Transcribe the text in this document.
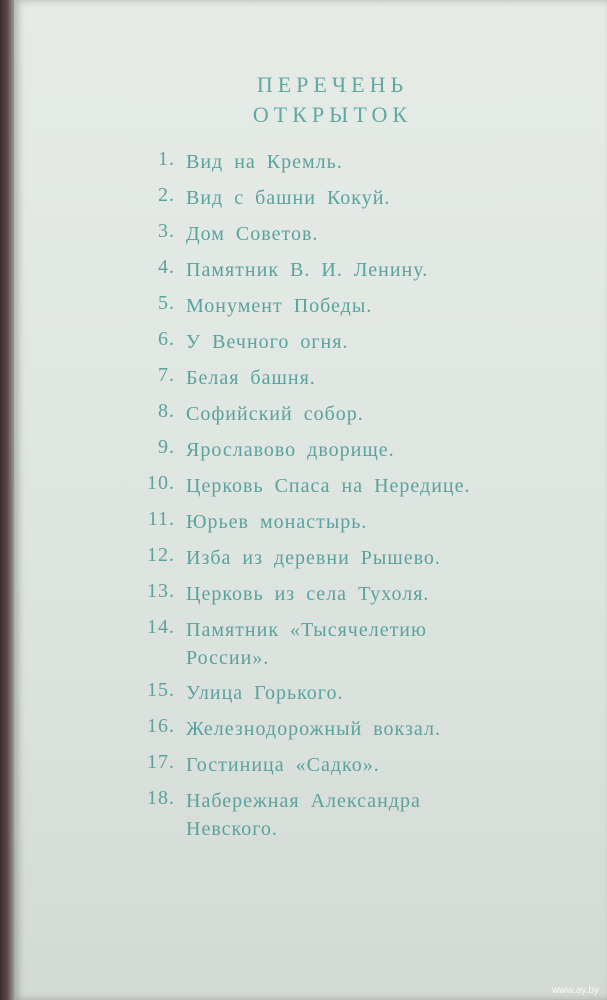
ПЕРЕЧЕНЬ
ОТКРЫТОК
1. Вид на Кремль.
2. Вид с башни Кокуй.
3. Дом Советов.
4. Памятник В. И. Ленину.
5. Монумент Победы.
6. У Вечного огня.
7. Белая башня.
8. Софийский собор.
9. Ярославово дворище.
10. Церковь Спаса на Нередице.
11. Юрьев монастырь.
12. Изба из деревни Рышево.
13. Церковь из села Тухоля.
14. Памятник «Тысячелетию России».
15. Улица Горького.
16. Железнодорожный вокзал.
17. Гостиница «Садко».
18. Набережная Александра Невского.
www.ay.by
